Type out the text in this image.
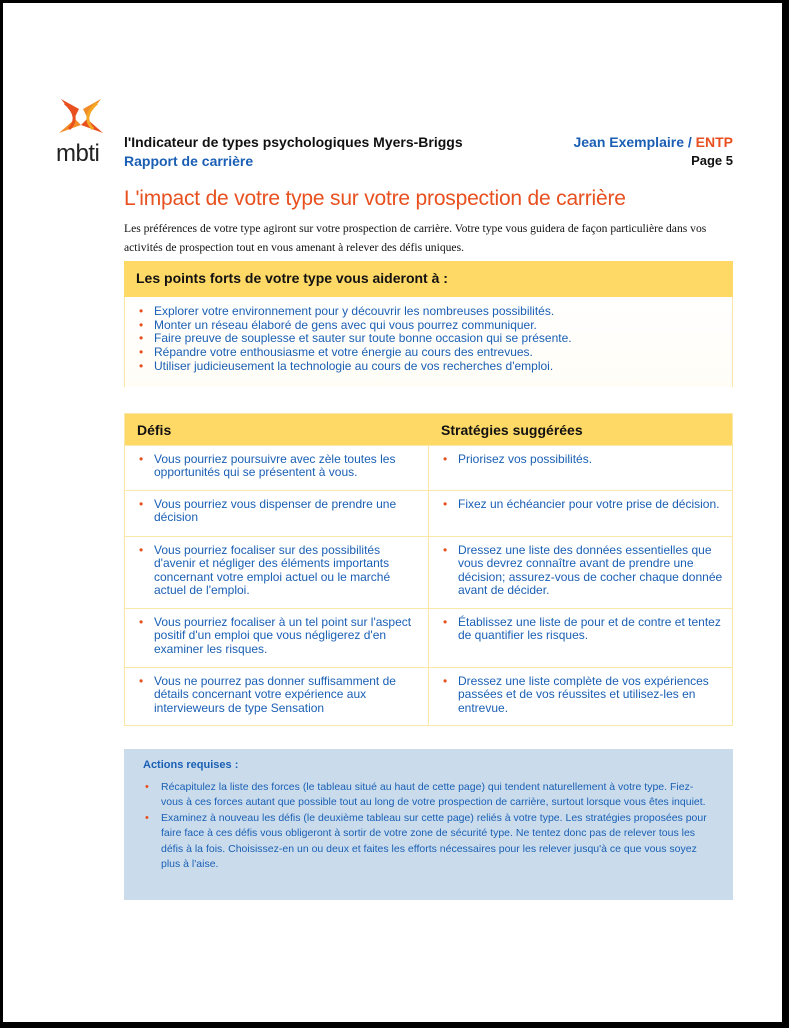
mbti l'Indicateur de types psychologiques Myers-Briggs
Rapport de carrière
Jean Exemplaire / ENTP
Page 5
L'impact de votre type sur votre prospection de carrière
Les préférences de votre type agiront sur votre prospection de carrière. Votre type vous guidera de façon particulière dans vos activités de prospection tout en vous amenant à relever des défis uniques.
Les points forts de votre type vous aideront à :
• Explorer votre environnement pour y découvrir les nombreuses possibilités.
• Monter un réseau élaboré de gens avec qui vous pourrez communiquer.
• Faire preuve de souplesse et sauter sur toute bonne occasion qui se présente.
• Répandre votre enthousiasme et votre énergie au cours des entrevues.
• Utiliser judicieusement la technologie au cours de vos recherches d'emploi.
Défis	Stratégies suggérées
• Vous pourriez poursuivre avec zèle toutes les opportunités qui se présentent à vous.
• Priorisez vos possibilités.
• Vous pourriez vous dispenser de prendre une décision
• Fixez un échéancier pour votre prise de décision.
• Vous pourriez focaliser sur des possibilités d'avenir et négliger des éléments importants concernant votre emploi actuel ou le marché actuel de l'emploi.
• Dressez une liste des données essentielles que vous devrez connaître avant de prendre une décision; assurez-vous de cocher chaque donnée avant de décider.
• Vous pourriez focaliser à un tel point sur l'aspect positif d'un emploi que vous négligerez d'en examiner les risques.
• Établissez une liste de pour et de contre et tentez de quantifier les risques.
• Vous ne pourrez pas donner suffisamment de détails concernant votre expérience aux intervieweurs de type Sensation
• Dressez une liste complète de vos expériences passées et de vos réussites et utilisez-les en entrevue.
Actions requises :
• Récapitulez la liste des forces (le tableau situé au haut de cette page) qui tendent naturellement à votre type. Fiez-vous à ces forces autant que possible tout au long de votre prospection de carrière, surtout lorsque vous êtes inquiet.
• Examinez à nouveau les défis (le deuxième tableau sur cette page) reliés à votre type. Les stratégies proposées pour faire face à ces défis vous obligeront à sortir de votre zone de sécurité type. Ne tentez donc pas de relever tous les défis à la fois. Choisissez-en un ou deux et faites les efforts nécessaires pour les relever jusqu'à ce que vous soyez plus à l'aise.
